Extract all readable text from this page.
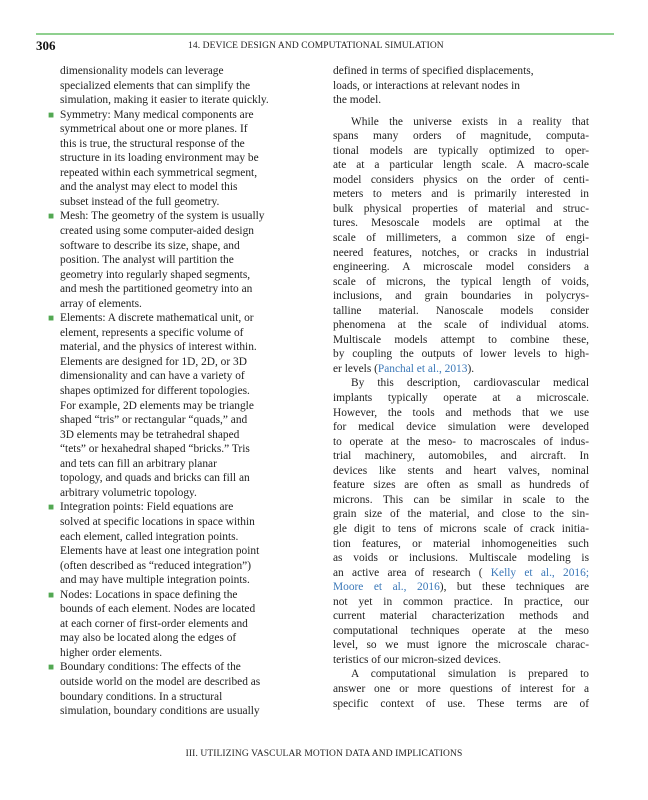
306	14. DEVICE DESIGN AND COMPUTATIONAL SIMULATION
dimensionality models can leverage
specialized elements that can simplify the
simulation, making it easier to iterate quickly.
■ Symmetry: Many medical components are
symmetrical about one or more planes. If
this is true, the structural response of the
structure in its loading environment may be
repeated within each symmetrical segment,
and the analyst may elect to model this
subset instead of the full geometry.
■ Mesh: The geometry of the system is usually
created using some computer-aided design
software to describe its size, shape, and
position. The analyst will partition the
geometry into regularly shaped segments,
and mesh the partitioned geometry into an
array of elements.
■ Elements: A discrete mathematical unit, or
element, represents a specific volume of
material, and the physics of interest within.
Elements are designed for 1D, 2D, or 3D
dimensionality and can have a variety of
shapes optimized for different topologies.
For example, 2D elements may be triangle
shaped “tris” or rectangular “quads,” and
3D elements may be tetrahedral shaped
“tets” or hexahedral shaped “bricks.” Tris
and tets can fill an arbitrary planar
topology, and quads and bricks can fill an
arbitrary volumetric topology.
■ Integration points: Field equations are
solved at specific locations in space within
each element, called integration points.
Elements have at least one integration point
(often described as “reduced integration”)
and may have multiple integration points.
■ Nodes: Locations in space defining the
bounds of each element. Nodes are located
at each corner of first-order elements and
may also be located along the edges of
higher order elements.
■ Boundary conditions: The effects of the
outside world on the model are described as
boundary conditions. In a structural
simulation, boundary conditions are usually
defined in terms of specified displacements,
loads, or interactions at relevant nodes in
the model.
While the universe exists in a reality that
spans many orders of magnitude, computa-
tional models are typically optimized to oper-
ate at a particular length scale. A macro-scale
model considers physics on the order of centi-
meters to meters and is primarily interested in
bulk physical properties of material and struc-
tures. Mesoscale models are optimal at the
scale of millimeters, a common size of engi-
neered features, notches, or cracks in industrial
engineering. A microscale model considers a
scale of microns, the typical length of voids,
inclusions, and grain boundaries in polycrys-
talline material. Nanoscale models consider
phenomena at the scale of individual atoms.
Multiscale models attempt to combine these,
by coupling the outputs of lower levels to high-
er levels (Panchal et al., 2013).
By this description, cardiovascular medical
implants typically operate at a microscale.
However, the tools and methods that we use
for medical device simulation were developed
to operate at the meso- to macroscales of indus-
trial machinery, automobiles, and aircraft. In
devices like stents and heart valves, nominal
feature sizes are often as small as hundreds of
microns. This can be similar in scale to the
grain size of the material, and close to the sin-
gle digit to tens of microns scale of crack initia-
tion features, or material inhomogeneities such
as voids or inclusions. Multiscale modeling is
an active area of research ( Kelly et al., 2016;
Moore et al., 2016), but these techniques are
not yet in common practice. In practice, our
current material characterization methods and
computational techniques operate at the meso
level, so we must ignore the microscale charac-
teristics of our micron-sized devices.
A computational simulation is prepared to
answer one or more questions of interest for a
specific context of use. These terms are of
III. UTILIZING VASCULAR MOTION DATA AND IMPLICATIONS
